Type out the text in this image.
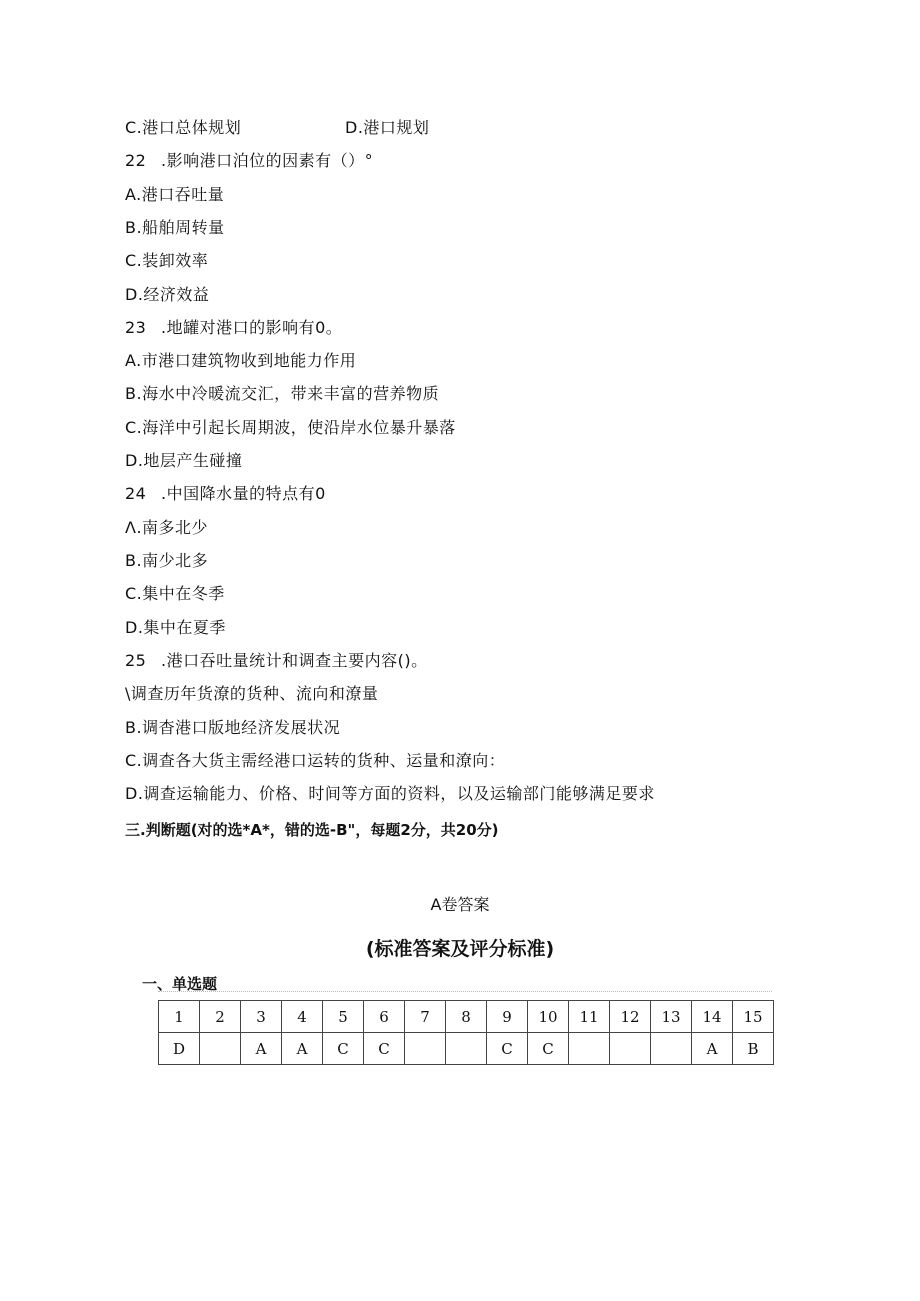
C.港口总体规划	D.港口规划
22 .影响港口泊位的因素有（）°
A.港口吞吐量
B.船舶周转量
C.装卸效率
D.经济效益
23 .地罐对港口的影响有0。
A.市港口建筑物收到地能力作用
B.海水中冷暖流交汇，带来丰富的营养物质
C.海洋中引起长周期波，使沿岸水位暴升暴落
D.地层产生碰撞
24 .中国降水量的特点有0
Λ.南多北少
B.南少北多
C.集中在冬季
D.集中在夏季
25 .港口吞吐量统计和调查主要内容()。
\调查历年货潦的货种、流向和潦量
B.调杳港口版地经济发展状况
C.调查各大货主需经港口运转的货种、运量和潦向：
D.调查运输能力、价格、时间等方面的资料，以及运输部门能够满足要求
三.判断题(对的选*A*，错的选-B"，每题2分，共20分)
A卷答案
(标准答案及评分标准)
一、单选题
1	2	3	4	5	6	7	8	9	10	11	12	13	14	15
D		A	A	C	C			C	C				A	B
